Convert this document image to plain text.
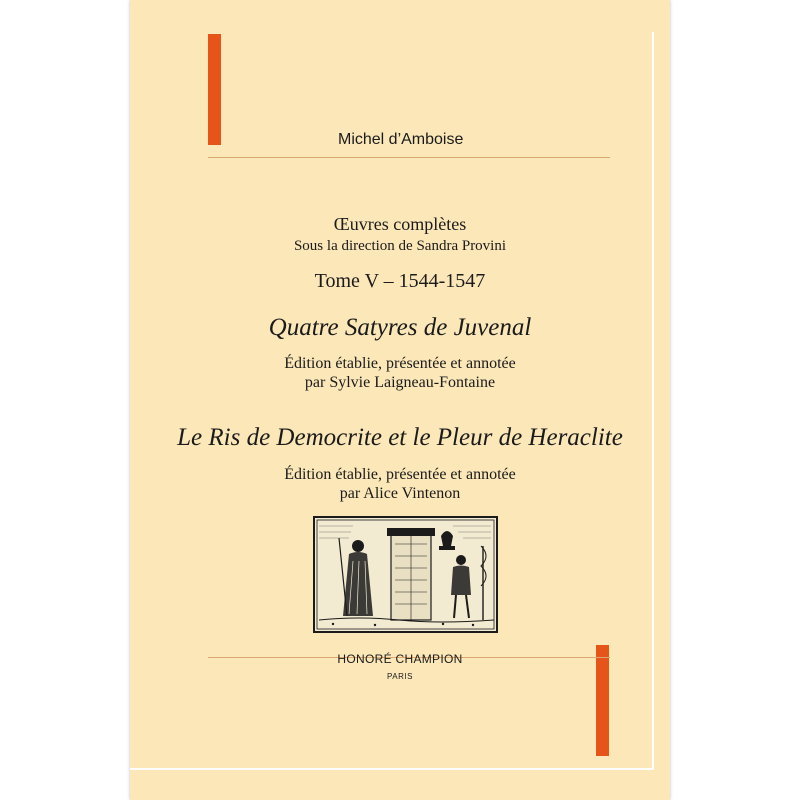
Michel d’Amboise
Œuvres complètes
Sous la direction de Sandra Provini
Tome V – 1544-1547
Quatre Satyres de Juvenal
Édition établie, présentée et annotée
par Sylvie Laigneau-Fontaine
Le Ris de Democrite et le Pleur de Heraclite
Édition établie, présentée et annotée
par Alice Vintenon
HONORÉ CHAMPION
PARIS
